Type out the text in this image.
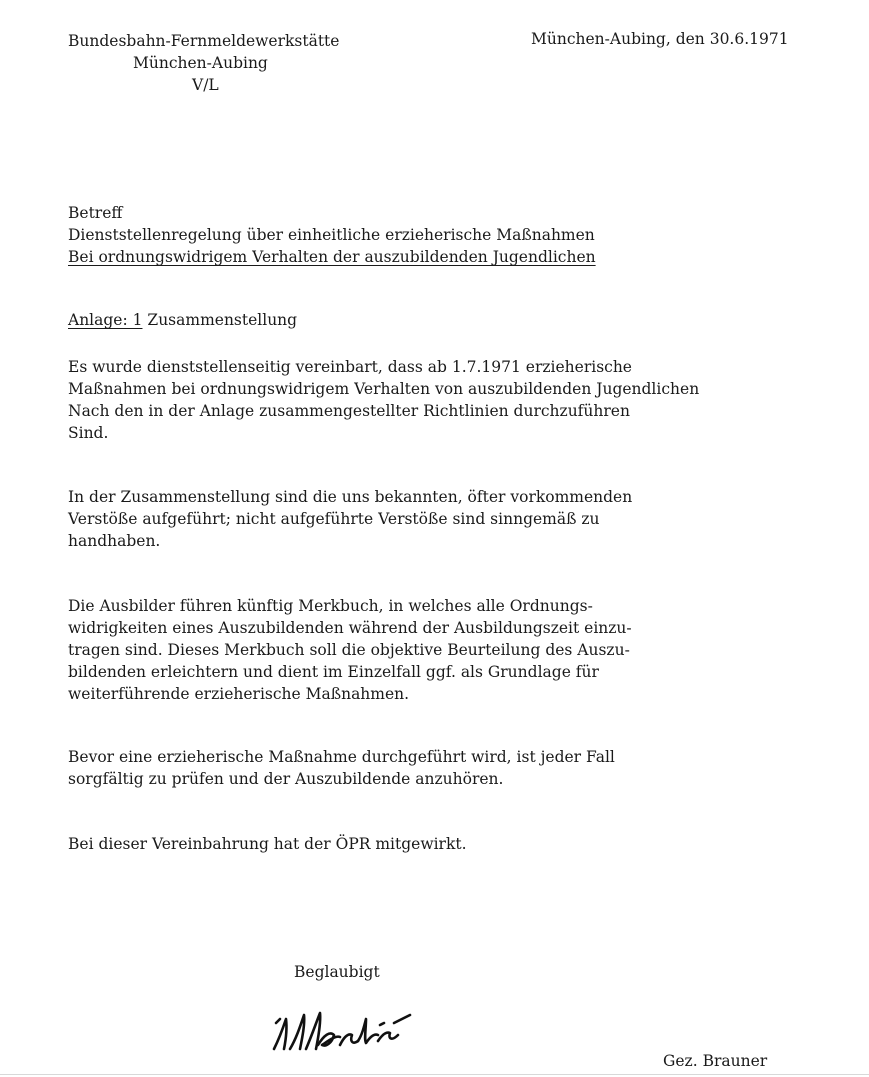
Bundesbahn-Fernmeldewerkstätte
München-Aubing
V/L
München-Aubing, den 30.6.1971
Betreff
Dienststellenregelung über einheitliche erzieherische Maßnahmen
Bei ordnungswidrigem Verhalten der auszubildenden Jugendlichen
Anlage: 1 Zusammenstellung
Es wurde dienststellenseitig vereinbart, dass ab 1.7.1971 erzieherische
Maßnahmen bei ordnungswidrigem Verhalten von auszubildenden Jugendlichen
Nach den in der Anlage zusammengestellter Richtlinien durchzuführen
Sind.
In der Zusammenstellung sind die uns bekannten, öfter vorkommenden
Verstöße aufgeführt; nicht aufgeführte Verstöße sind sinngemäß zu
handhaben.
Die Ausbilder führen künftig Merkbuch, in welches alle Ordnungs-
widrigkeiten eines Auszubildenden während der Ausbildungszeit einzu-
tragen sind. Dieses Merkbuch soll die objektive Beurteilung des Auszu-
bildenden erleichtern und dient im Einzelfall ggf. als Grundlage für
weiterführende erzieherische Maßnahmen.
Bevor eine erzieherische Maßnahme durchgeführt wird, ist jeder Fall
sorgfältig zu prüfen und der Auszubildende anzuhören.
Bei dieser Vereinbahrung hat der ÖPR mitgewirkt.
Beglaubigt
Gez. Brauner
